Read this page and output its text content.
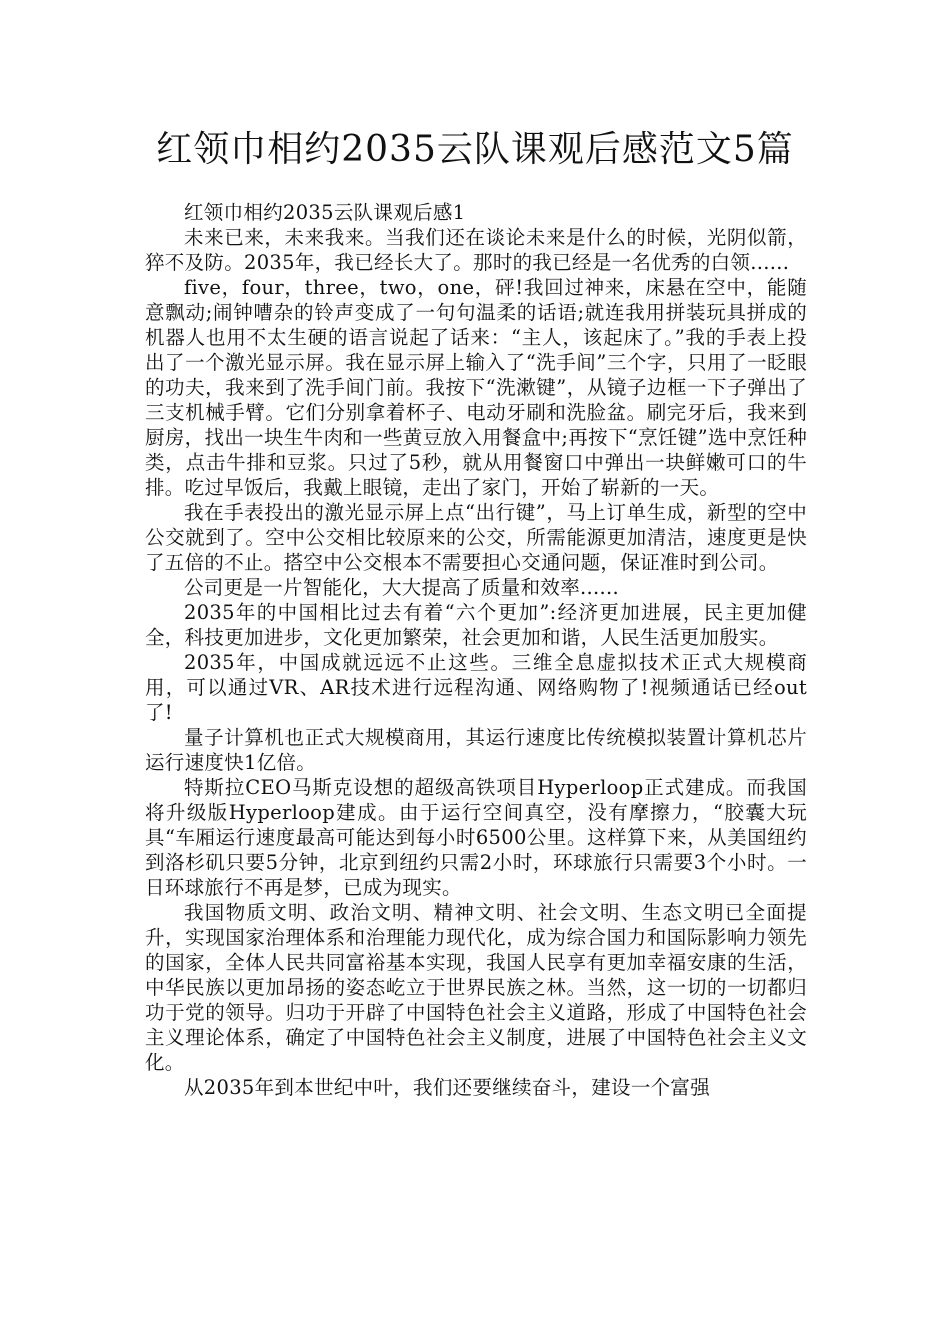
红领巾相约2035云队课观后感范文5篇

红领巾相约2035云队课观后感1

未来已来，未来我来。当我们还在谈论未来是什么的时候，光阴似箭，猝不及防。2035年，我已经长大了。那时的我已经是一名优秀的白领......

five，four，three，two，one，砰!我回过神来，床悬在空中，能随意飘动;闹钟嘈杂的铃声变成了一句句温柔的话语;就连我用拼装玩具拼成的机器人也用不太生硬的语言说起了话来：“主人，该起床了。”我的手表上投出了一个激光显示屏。我在显示屏上输入了“洗手间”三个字，只用了一眨眼的功夫，我来到了洗手间门前。我按下“洗漱键”，从镜子边框一下子弹出了三支机械手臂。它们分别拿着杯子、电动牙刷和洗脸盆。刷完牙后，我来到厨房，找出一块生牛肉和一些黄豆放入用餐盒中;再按下“烹饪键”选中烹饪种类，点击牛排和豆浆。只过了5秒，就从用餐窗口中弹出一块鲜嫩可口的牛排。吃过早饭后，我戴上眼镜，走出了家门，开始了崭新的一天。

我在手表投出的激光显示屏上点“出行键”，马上订单生成，新型的空中公交就到了。空中公交相比较原来的公交，所需能源更加清洁，速度更是快了五倍的不止。搭空中公交根本不需要担心交通问题，保证准时到公司。

公司更是一片智能化，大大提高了质量和效率......

2035年的中国相比过去有着“六个更加”:经济更加进展，民主更加健全，科技更加进步，文化更加繁荣，社会更加和谐，人民生活更加殷实。

2035年，中国成就远远不止这些。三维全息虚拟技术正式大规模商用，可以通过VR、AR技术进行远程沟通、网络购物了!视频通话已经out了!

量子计算机也正式大规模商用，其运行速度比传统模拟装置计算机芯片运行速度快1亿倍。

特斯拉CEO马斯克设想的超级高铁项目Hyperloop正式建成。而我国将升级版Hyperloop建成。由于运行空间真空，没有摩擦力，“胶囊大玩具“车厢运行速度最高可能达到每小时6500公里。这样算下来，从美国纽约到洛杉矶只要5分钟，北京到纽约只需2小时，环球旅行只需要3个小时。一日环球旅行不再是梦，已成为现实。

我国物质文明、政治文明、精神文明、社会文明、生态文明已全面提升，实现国家治理体系和治理能力现代化，成为综合国力和国际影响力领先的国家，全体人民共同富裕基本实现，我国人民享有更加幸福安康的生活，中华民族以更加昂扬的姿态屹立于世界民族之林。当然，这一切的一切都归功于党的领导。归功于开辟了中国特色社会主义道路，形成了中国特色社会主义理论体系，确定了中国特色社会主义制度，进展了中国特色社会主义文化。

从2035年到本世纪中叶，我们还要继续奋斗，建设一个富强
